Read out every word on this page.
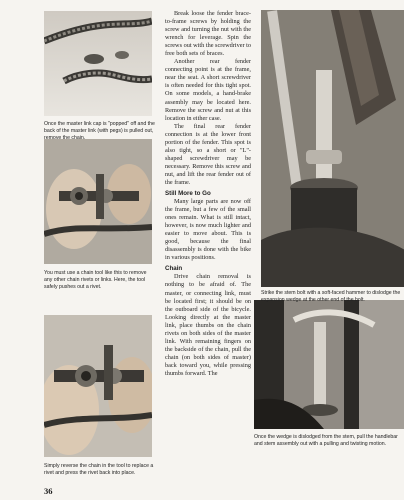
Once the master link cap is "popped" off and the back of the master link (with pegs) is pulled out, remove the chain.
You must use a chain tool like this to remove any other chain rivets or links. Here, the tool safely pushes out a rivet.
Simply reverse the chain in the tool to replace a rivet and press the rivet back into place.
Strike the stem bolt with a soft-faced hammer to dislodge the expansion wedge at the other end of the bolt.
Once the wedge is dislodged from the stem, pull the handlebar and stem assembly out with a pulling and twisting motion.

Break loose the fender brace-to-frame screws by holding the screw and turning the nut with the wrench for leverage. Spin the screws out with the screwdriver to free both sets of braces.

Another rear fender connecting point is at the frame, near the seat. A short screwdriver is often needed for this tight spot. On some models, a hand-brake assembly may be located here. Remove the screw and nut at this location in either case.

The final rear fender connection is at the lower front portion of the fender. This spot is also tight, so a short or "L"-shaped screwdriver may be necessary. Remove this screw and nut, and lift the rear fender out of the frame.

Still More to Go

Many large parts are now off the frame, but a few of the small ones remain. What is still intact, however, is now much lighter and easier to move about. This is good, because the final disassembly is done with the bike in various positions.

Chain

Drive chain removal is nothing to be afraid of. The master, or connecting link, must be located first; it should be on the outboard side of the bicycle. Looking directly at the master link, place thumbs on the chain rivets on both sides of the master link. With remaining fingers on the backside of the chain, pull the chain (on both sides of master) back toward you, while pressing thumbs forward. The

36
